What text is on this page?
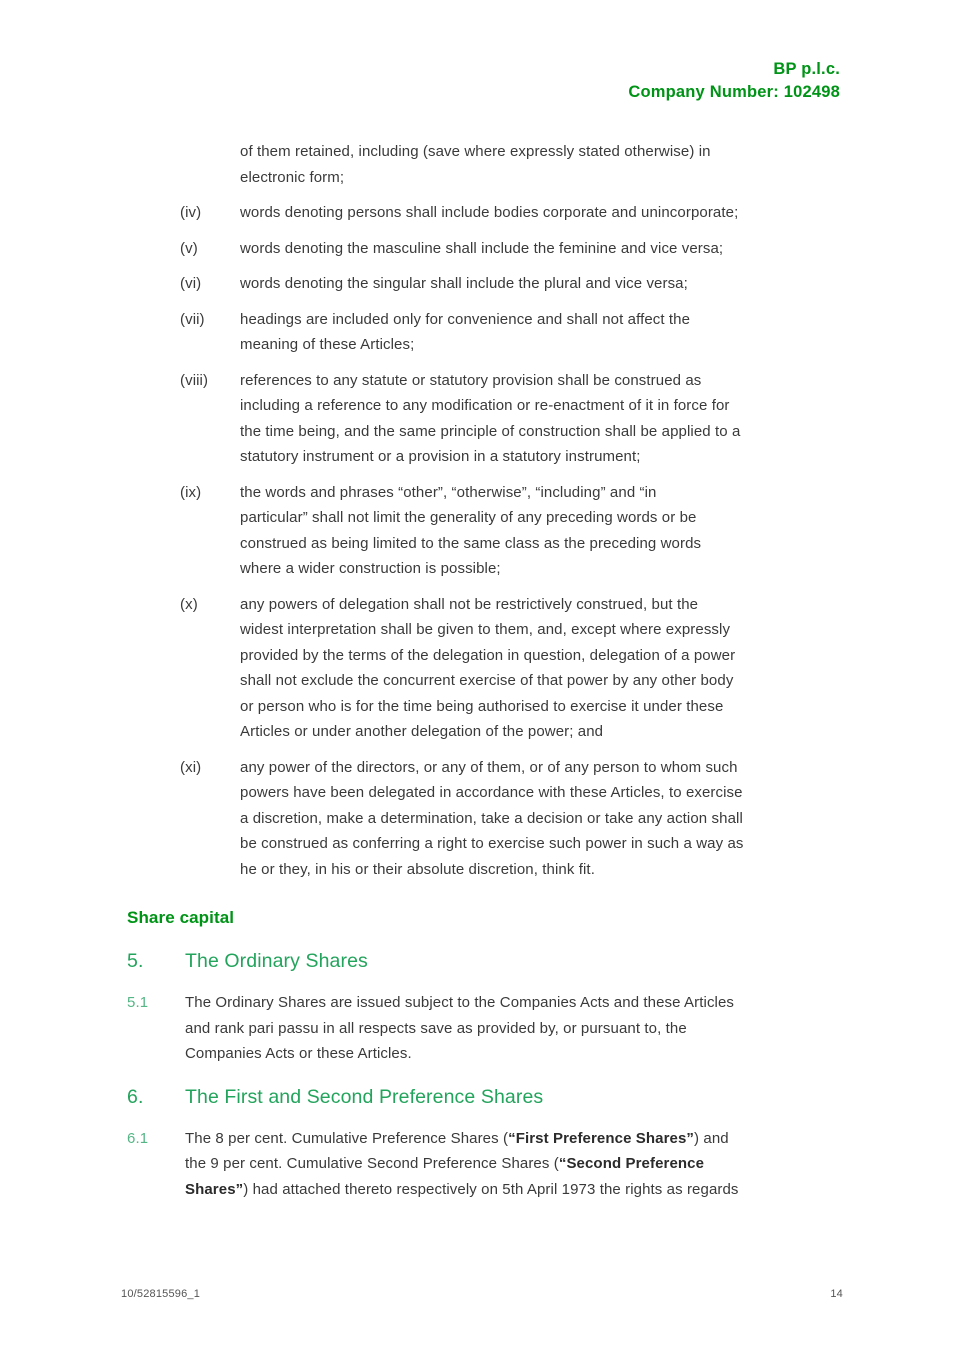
BP p.l.c.
Company Number: 102498
of them retained, including (save where expressly stated otherwise) in
electronic form;
(iv)	words denoting persons shall include bodies corporate and unincorporate;
(v)	words denoting the masculine shall include the feminine and vice versa;
(vi)	words denoting the singular shall include the plural and vice versa;
(vii)	headings are included only for convenience and shall not affect the
meaning of these Articles;
(viii)	references to any statute or statutory provision shall be construed as
including a reference to any modification or re-enactment of it in force for
the time being, and the same principle of construction shall be applied to a
statutory instrument or a provision in a statutory instrument;
(ix)	the words and phrases “other”, “otherwise”, “including” and “in
particular” shall not limit the generality of any preceding words or be
construed as being limited to the same class as the preceding words
where a wider construction is possible;
(x)	any powers of delegation shall not be restrictively construed, but the
widest interpretation shall be given to them, and, except where expressly
provided by the terms of the delegation in question, delegation of a power
shall not exclude the concurrent exercise of that power by any other body
or person who is for the time being authorised to exercise it under these
Articles or under another delegation of the power; and
(xi)	any power of the directors, or any of them, or of any person to whom such
powers have been delegated in accordance with these Articles, to exercise
a discretion, make a determination, take a decision or take any action shall
be construed as conferring a right to exercise such power in such a way as
he or they, in his or their absolute discretion, think fit.
Share capital
5. The Ordinary Shares
5.1	The Ordinary Shares are issued subject to the Companies Acts and these Articles
and rank pari passu in all respects save as provided by, or pursuant to, the
Companies Acts or these Articles.
6. The First and Second Preference Shares
6.1	The 8 per cent. Cumulative Preference Shares (“First Preference Shares”) and
the 9 per cent. Cumulative Second Preference Shares (“Second Preference
Shares”) had attached thereto respectively on 5th April 1973 the rights as regards
10/52815596_1	14
